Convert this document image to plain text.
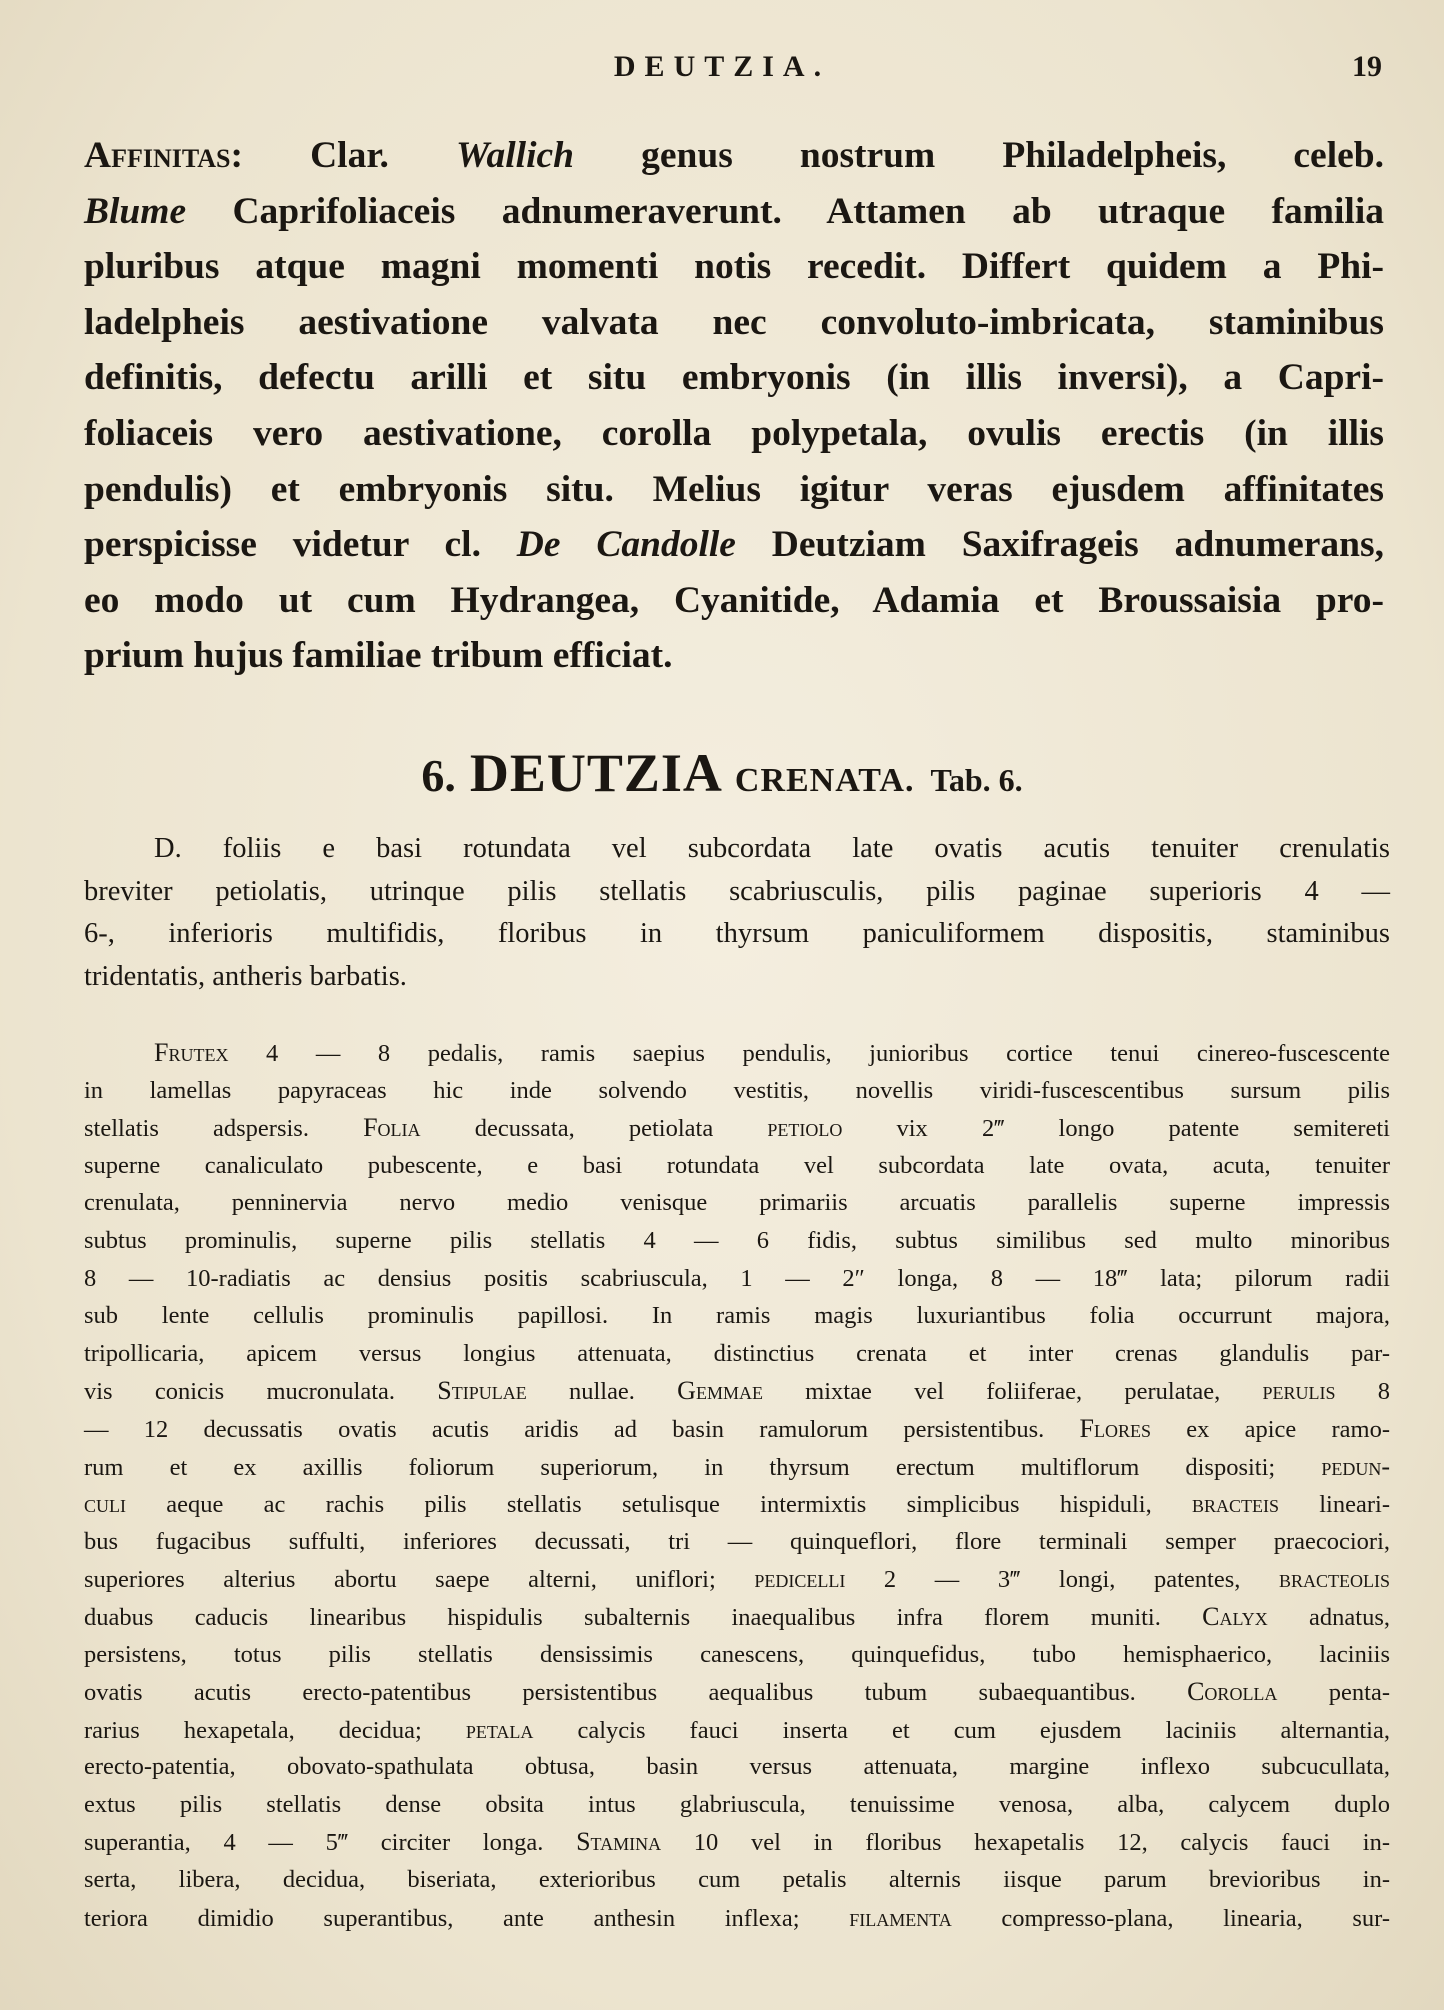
DEUTZIA.	19
Affinitas: Clar. Wallich genus nostrum Philadelpheis, celeb.
Blume Caprifoliaceis adnumeraverunt. Attamen ab utraque familia
pluribus atque magni momenti notis recedit. Differt quidem a Phi-
ladelpheis aestivatione valvata nec convoluto-imbricata, staminibus
definitis, defectu arilli et situ embryonis (in illis inversi), a Capri-
foliaceis vero aestivatione, corolla polypetala, ovulis erectis (in illis
pendulis) et embryonis situ. Melius igitur veras ejusdem affinitates
perspicisse videtur cl. De Candolle Deutziam Saxifrageis adnumerans,
eo modo ut cum Hydrangea, Cyanitide, Adamia et Broussaisia pro-
prium hujus familiae tribum efficiat.
6. DEUTZIA CRENATA. Tab. 6.
D. foliis e basi rotundata vel subcordata late ovatis acutis tenuiter crenulatis
breviter petiolatis, utrinque pilis stellatis scabriusculis, pilis paginae superioris 4 —
6-, inferioris multifidis, floribus in thyrsum paniculiformem dispositis, staminibus
tridentatis, antheris barbatis.
Frutex 4 — 8 pedalis, ramis saepius pendulis, junioribus cortice tenui cinereo-fuscescente
in lamellas papyraceas hic inde solvendo vestitis, novellis viridi-fuscescentibus sursum pilis
stellatis adspersis. Folia decussata, petiolata petiolo vix 2‴ longo patente semitereti
superne canaliculato pubescente, e basi rotundata vel subcordata late ovata, acuta, tenuiter
crenulata, penninervia nervo medio venisque primariis arcuatis parallelis superne impressis
subtus prominulis, superne pilis stellatis 4 — 6 fidis, subtus similibus sed multo minoribus
8 — 10-radiatis ac densius positis scabriuscula, 1 — 2″ longa, 8 — 18‴ lata; pilorum radii
sub lente cellulis prominulis papillosi. In ramis magis luxuriantibus folia occurrunt majora,
tripollicaria, apicem versus longius attenuata, distinctius crenata et inter crenas glandulis par-
vis conicis mucronulata. Stipulae nullae. Gemmae mixtae vel foliiferae, perulatae, perulis 8
— 12 decussatis ovatis acutis aridis ad basin ramulorum persistentibus. Flores ex apice ramo-
rum et ex axillis foliorum superiorum, in thyrsum erectum multiflorum dispositi; pedun-
culi aeque ac rachis pilis stellatis setulisque intermixtis simplicibus hispiduli, bracteis lineari-
bus fugacibus suffulti, inferiores decussati, tri — quinqueflori, flore terminali semper praecociori,
superiores alterius abortu saepe alterni, uniflori; pedicelli 2 — 3‴ longi, patentes, bracteolis
duabus caducis linearibus hispidulis subalternis inaequalibus infra florem muniti. Calyx adnatus,
persistens, totus pilis stellatis densissimis canescens, quinquefidus, tubo hemisphaerico, laciniis
ovatis acutis erecto-patentibus persistentibus aequalibus tubum subaequantibus. Corolla penta-
rarius hexapetala, decidua; petala calycis fauci inserta et cum ejusdem laciniis alternantia,
erecto-patentia, obovato-spathulata obtusa, basin versus attenuata, margine inflexo subcucullata,
extus pilis stellatis dense obsita intus glabriuscula, tenuissime venosa, alba, calycem duplo
superantia, 4 — 5‴ circiter longa. Stamina 10 vel in floribus hexapetalis 12, calycis fauci in-
serta, libera, decidua, biseriata, exterioribus cum petalis alternis iisque parum brevioribus in-
teriora dimidio superantibus, ante anthesin inflexa; filamenta compresso-plana, linearia, sur-
